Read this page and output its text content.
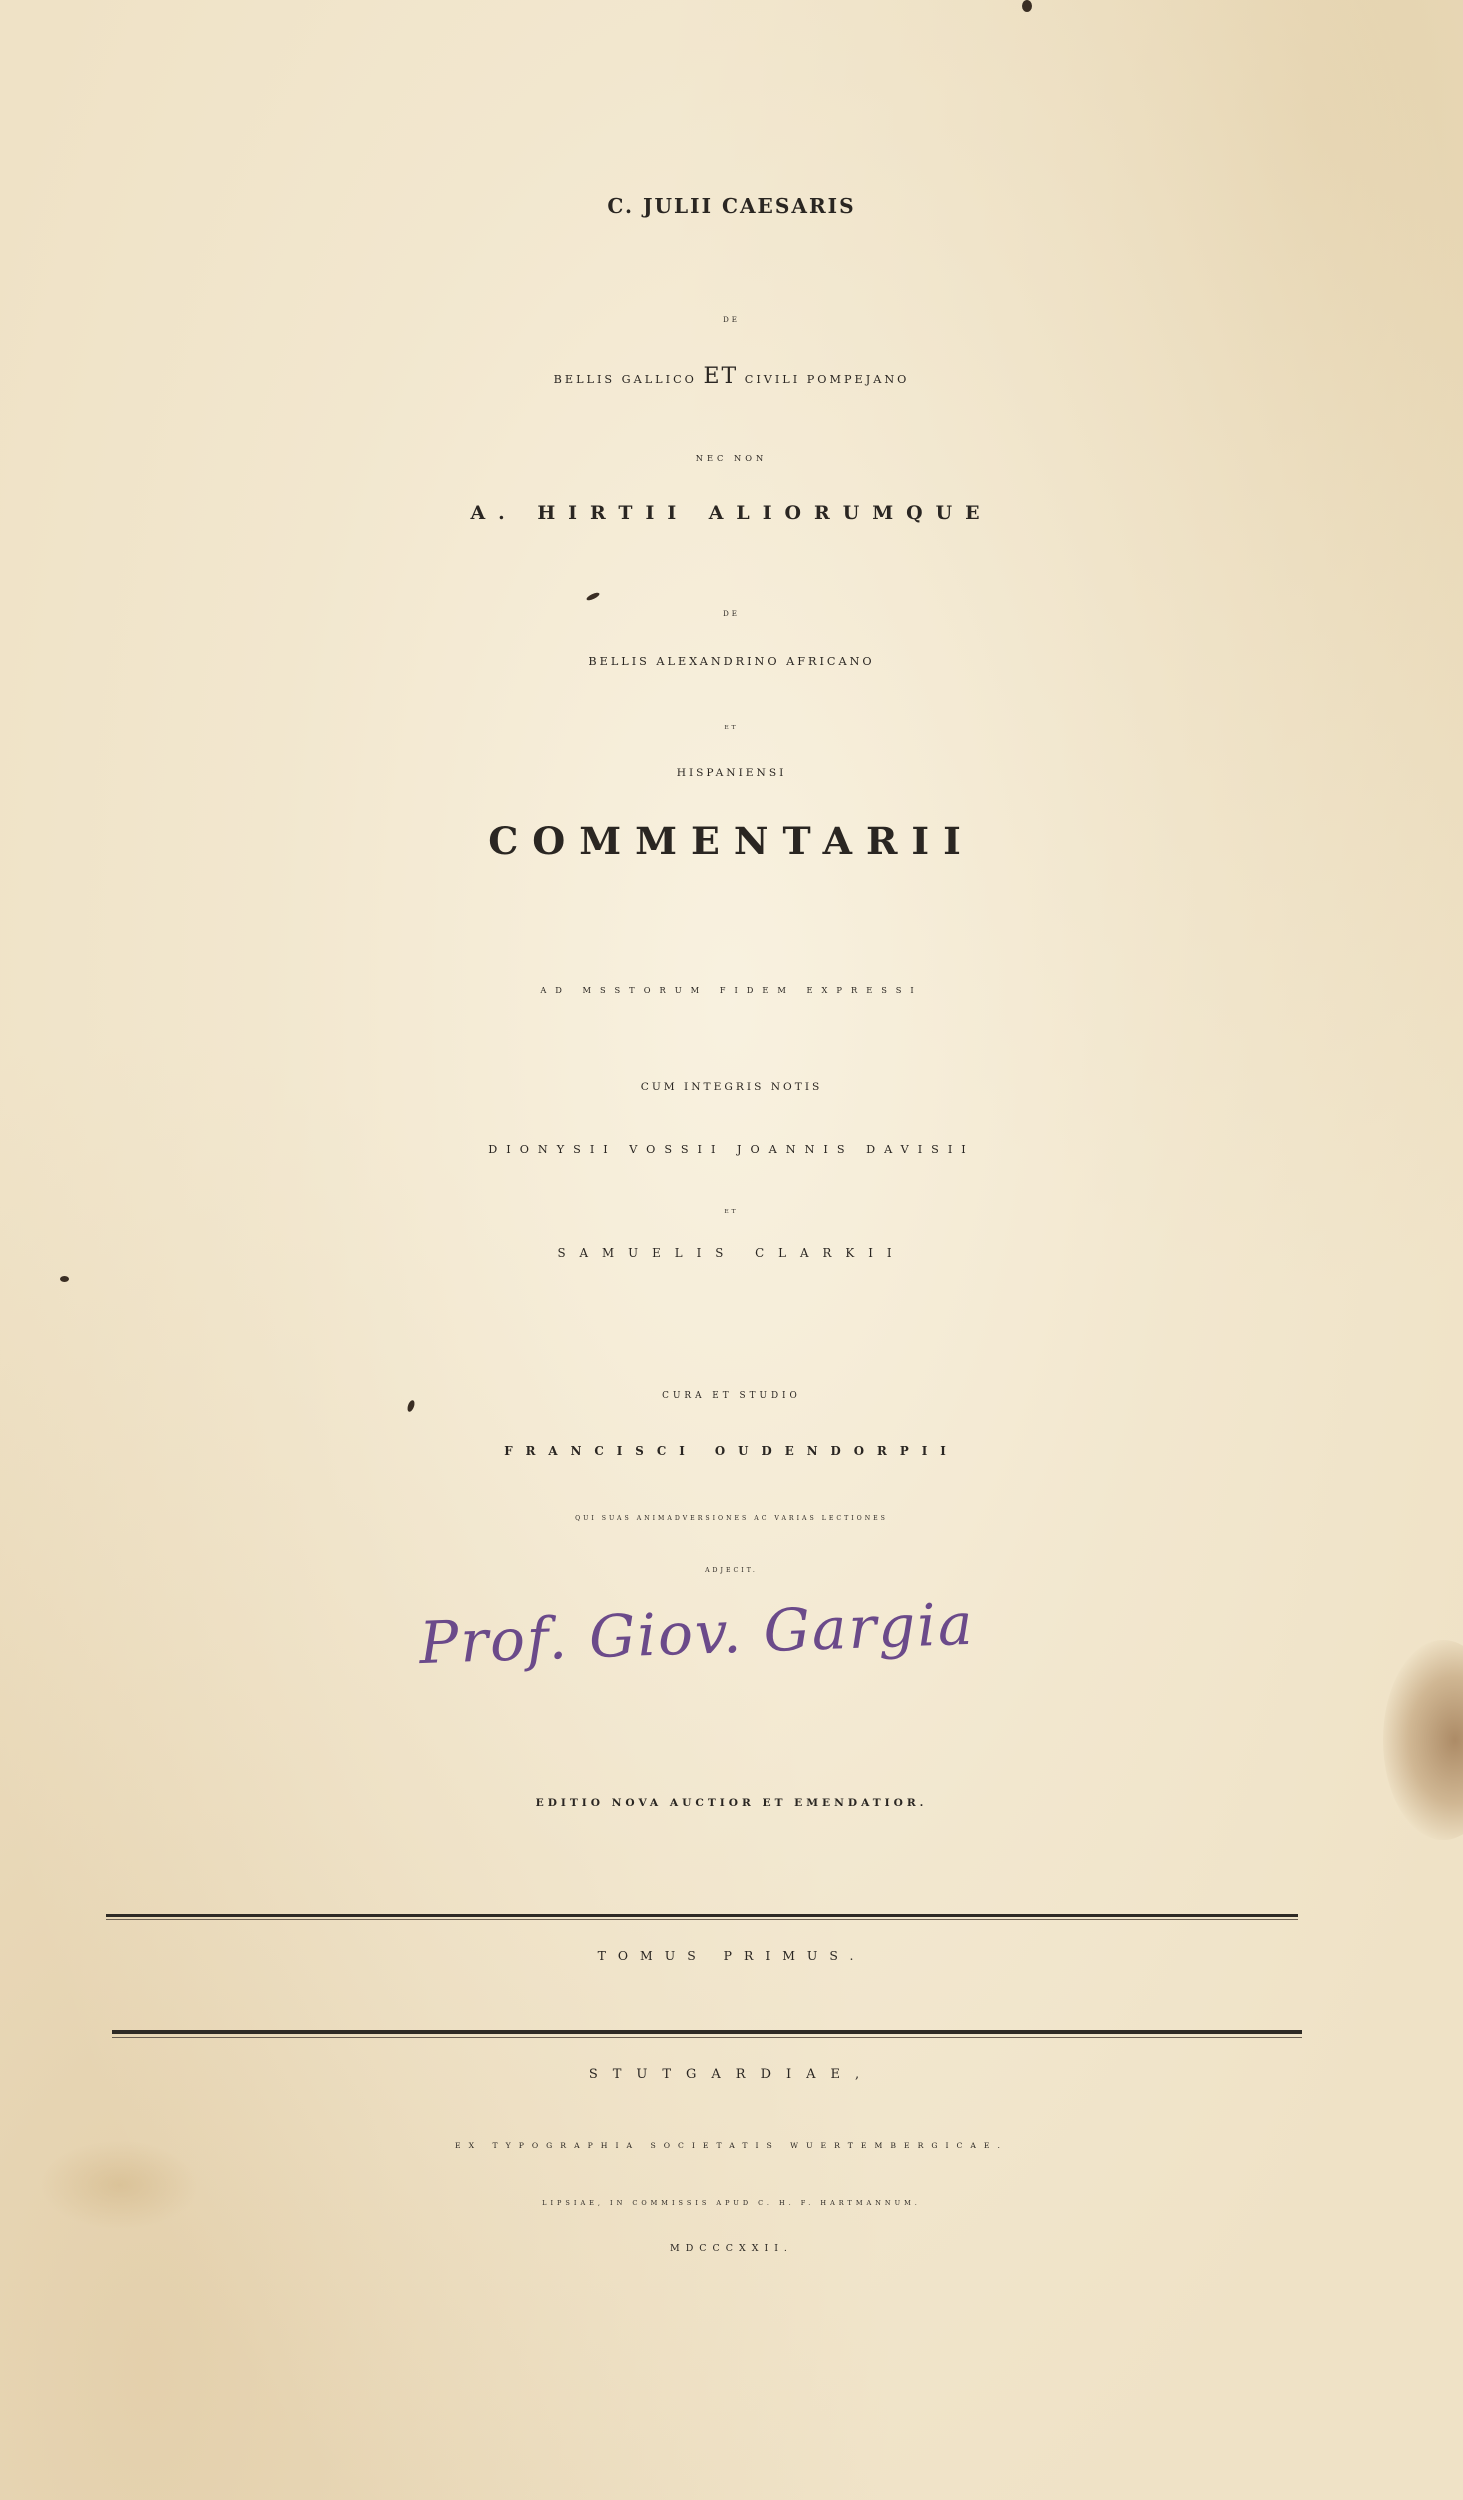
C. JULII CAESARIS
DE
BELLIS GALLICO ET CIVILI POMPEJANO
NEC NON
A. HIRTII ALIORUMQUE
DE
BELLIS ALEXANDRINO AFRICANO
ET
HISPANIENSI
COMMENTARII
AD MSSTORUM FIDEM EXPRESSI
CUM INTEGRIS NOTIS
DIONYSII VOSSII JOANNIS DAVISII
ET
SAMUELIS CLARKII
CURA ET STUDIO
FRANCISCI OUDENDORPII
QUI SUAS ANIMADVERSIONES AC VARIAS LECTIONES
ADJECIT.
Prof. Giov. Gargia
EDITIO NOVA AUCTIOR ET EMENDATIOR.
TOMUS PRIMUS.
STUTGARDIAE,
EX TYPOGRAPHIA SOCIETATIS WUERTEMBERGICAE.
LIPSIAE, IN COMMISSIS APUD C. H. F. HARTMANNUM.
MDCCCXXII.
